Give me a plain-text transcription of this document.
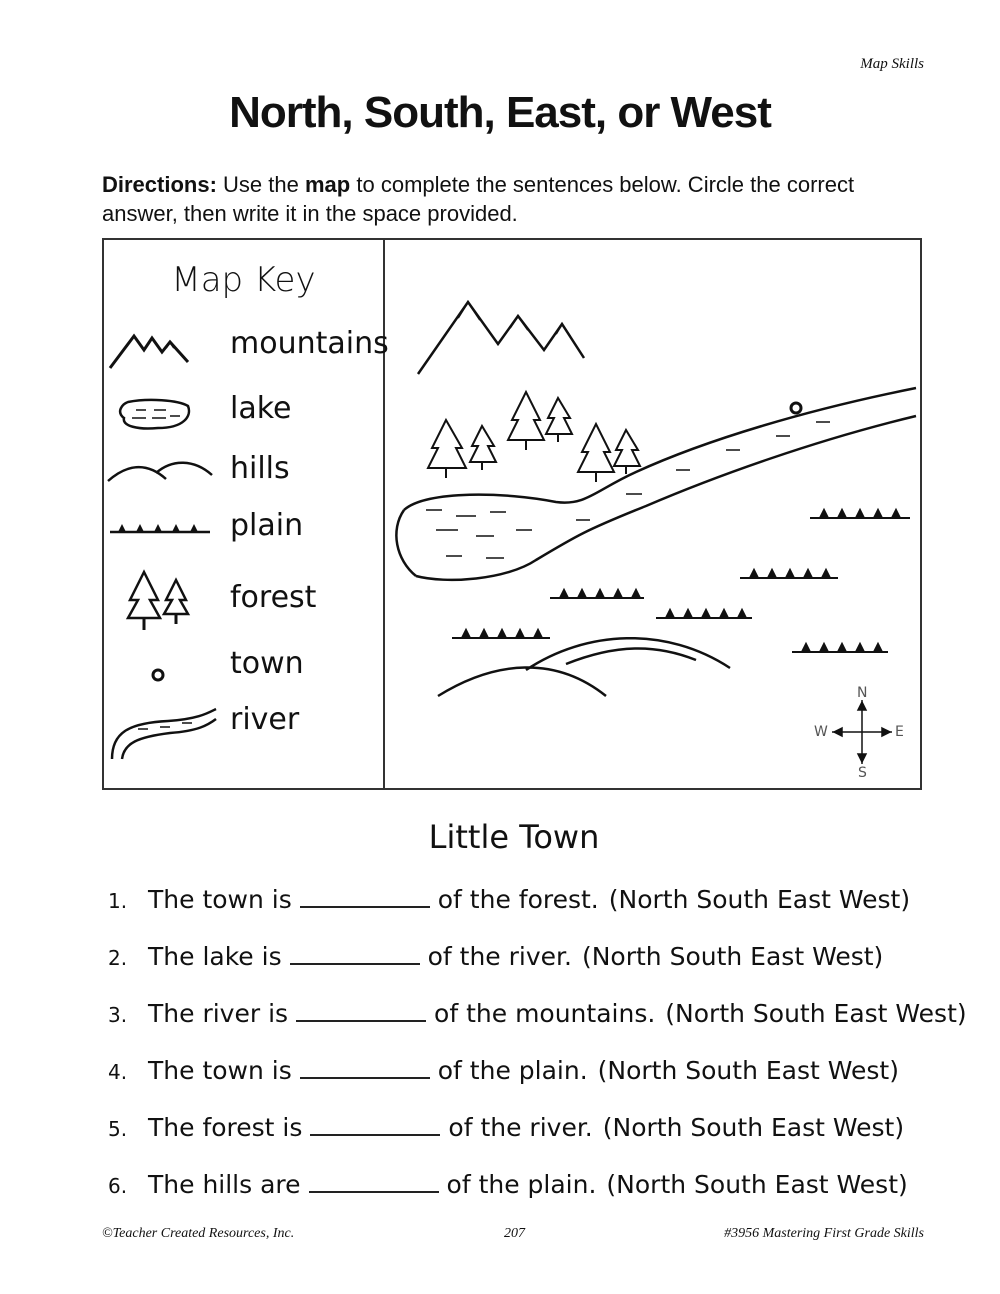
Map Skills
North, South, East, or West
Directions: Use the map to complete the sentences below. Circle the correct answer, then write it in the space provided.
Map Key
mountains
lake
hills
plain
forest
town
river
N
S
E
W
Little Town
1. The town is	of the forest. (North South East West)
2. The lake is	of the river. (North South East West)
3. The river is	of the mountains. (North South East West)
4. The town is	of the plain. (North South East West)
5. The forest is	of the river. (North South East West)
6. The hills are	of the plain. (North South East West)
©Teacher Created Resources, Inc.	207	#3956 Mastering First Grade Skills
